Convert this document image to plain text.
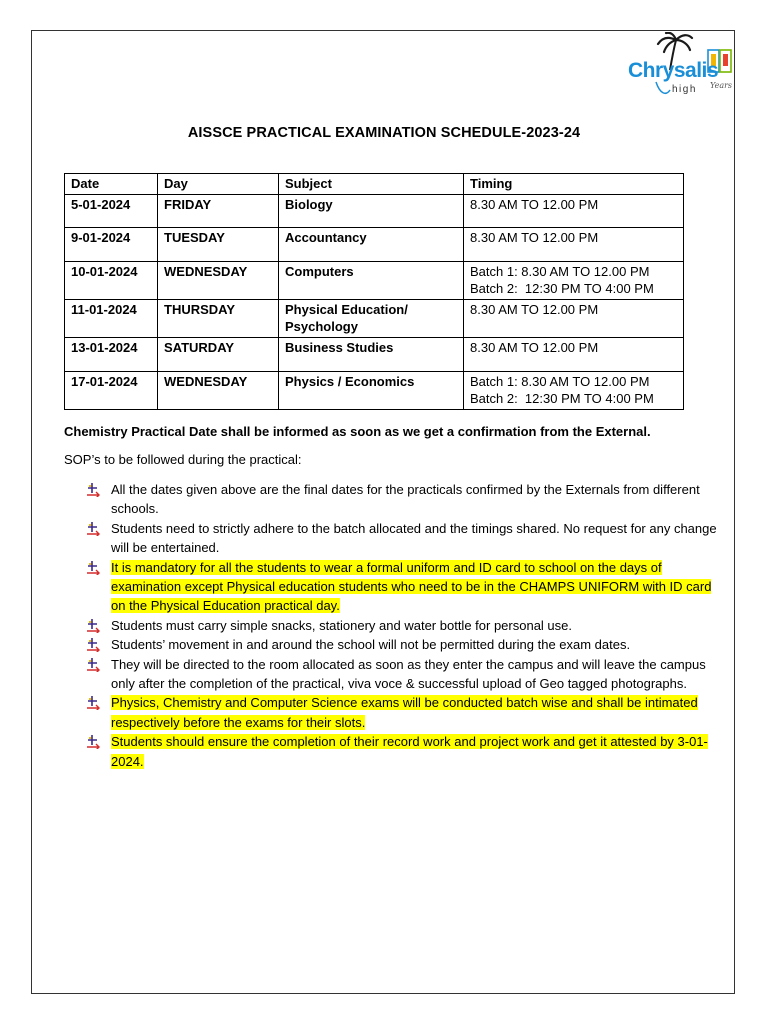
Chrysalis
high Years
AISSCE PRACTICAL EXAMINATION SCHEDULE-2023-24
Date	Day	Subject	Timing
5-01-2024	FRIDAY	Biology	8.30 AM TO 12.00 PM

9-01-2024	TUESDAY	Accountancy	8.30 AM TO 12.00 PM

10-01-2024	WEDNESDAY	Computers	Batch 1: 8.30 AM TO 12.00 PM
Batch 2:  12:30 PM TO 4:00 PM

11-01-2024	THURSDAY	Physical Education/ Psychology	8.30 AM TO 12.00 PM

13-01-2024	SATURDAY	Business Studies	8.30 AM TO 12.00 PM

17-01-2024	WEDNESDAY	Physics / Economics	Batch 1: 8.30 AM TO 12.00 PM
Batch 2:  12:30 PM TO 4:00 PM
Chemistry Practical Date shall be informed as soon as we get a confirmation from the External.
SOP’s to be followed during the practical:
All the dates given above are the final dates for the practicals confirmed by the Externals from different schools.
Students need to strictly adhere to the batch allocated and the timings shared. No request for any change will be entertained.
It is mandatory for all the students to wear a formal uniform and ID card to school on the days of examination except Physical education students who need to be in the CHAMPS UNIFORM with ID card on the Physical Education practical day.
Students must carry simple snacks, stationery and water bottle for personal use.
Students’ movement in and around the school will not be permitted during the exam dates.
They will be directed to the room allocated as soon as they enter the campus and will leave the campus only after the completion of the practical, viva voce & successful upload of Geo tagged photographs.
Physics, Chemistry and Computer Science exams will be conducted batch wise and shall be intimated respectively before the exams for their slots.
Students should ensure the completion of their record work and project work and get it attested by 3-01-2024.
